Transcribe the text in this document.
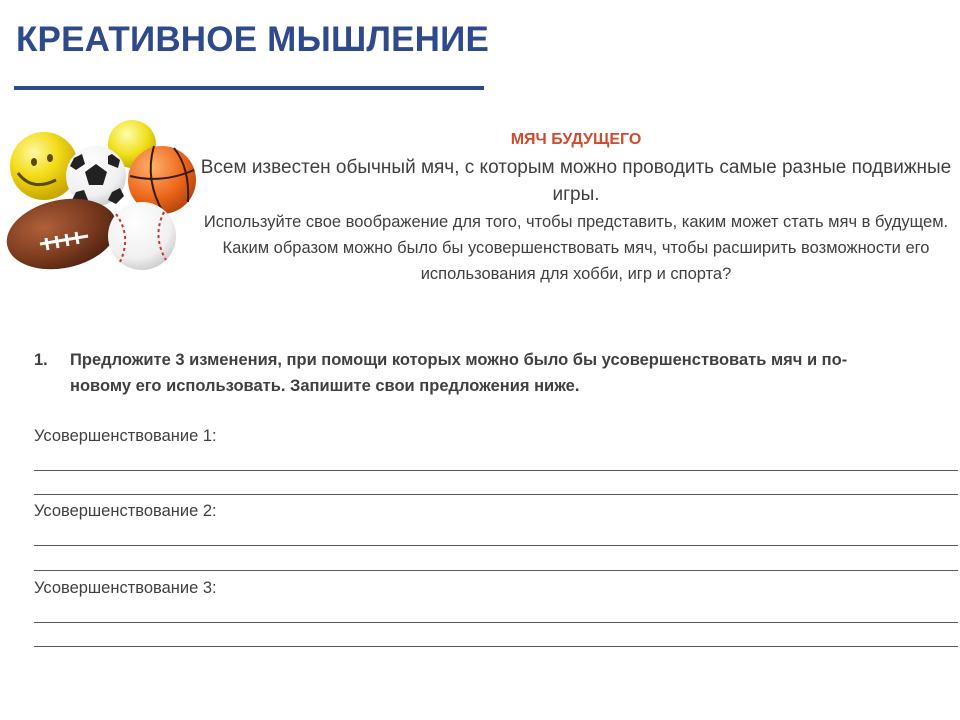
КРЕАТИВНОЕ МЫШЛЕНИЕ
МЯЧ БУДУЩЕГО
Всем известен обычный мяч, с которым можно проводить самые разные подвижные игры.
Используйте свое воображение для того, чтобы представить, каким может стать мяч в будущем. Каким образом можно было бы усовершенствовать мяч, чтобы расширить возможности его использования для хобби, игр и спорта?
1. Предложите 3 изменения, при помощи которых можно было бы усовершенствовать мяч и по-новому его использовать. Запишите свои предложения ниже.
Усовершенствование 1:
Усовершенствование 2:
Усовершенствование 3:
